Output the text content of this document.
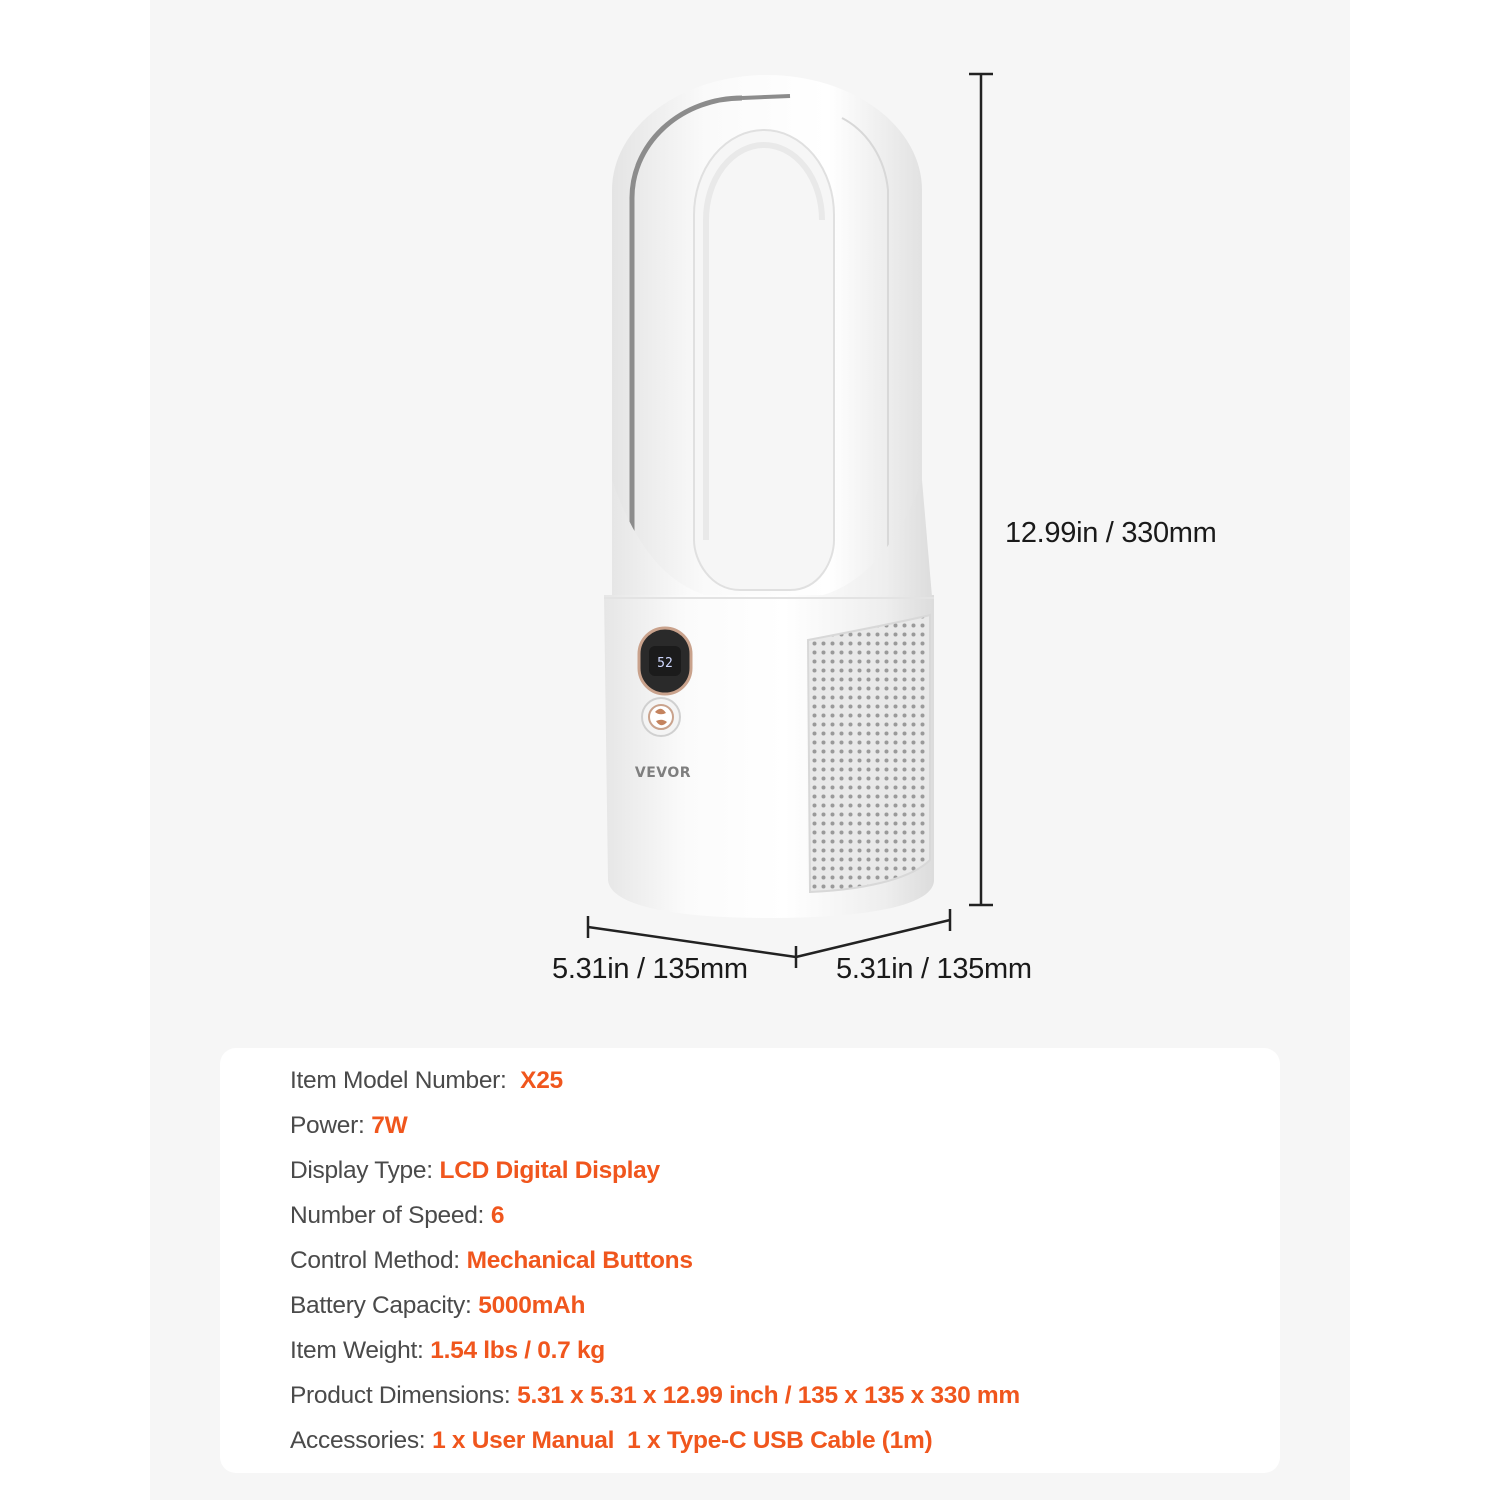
52
VEVOR
12.99in / 330mm
5.31in / 135mm	5.31in / 135mm
Item Model Number: X25
Power: 7W
Display Type: LCD Digital Display
Number of Speed: 6
Control Method: Mechanical Buttons
Battery Capacity: 5000mAh
Item Weight: 1.54 lbs / 0.7 kg
Product Dimensions: 5.31 x 5.31 x 12.99 inch / 135 x 135 x 330 mm
Accessories: 1 x User Manual  1 x Type-C USB Cable (1m)
